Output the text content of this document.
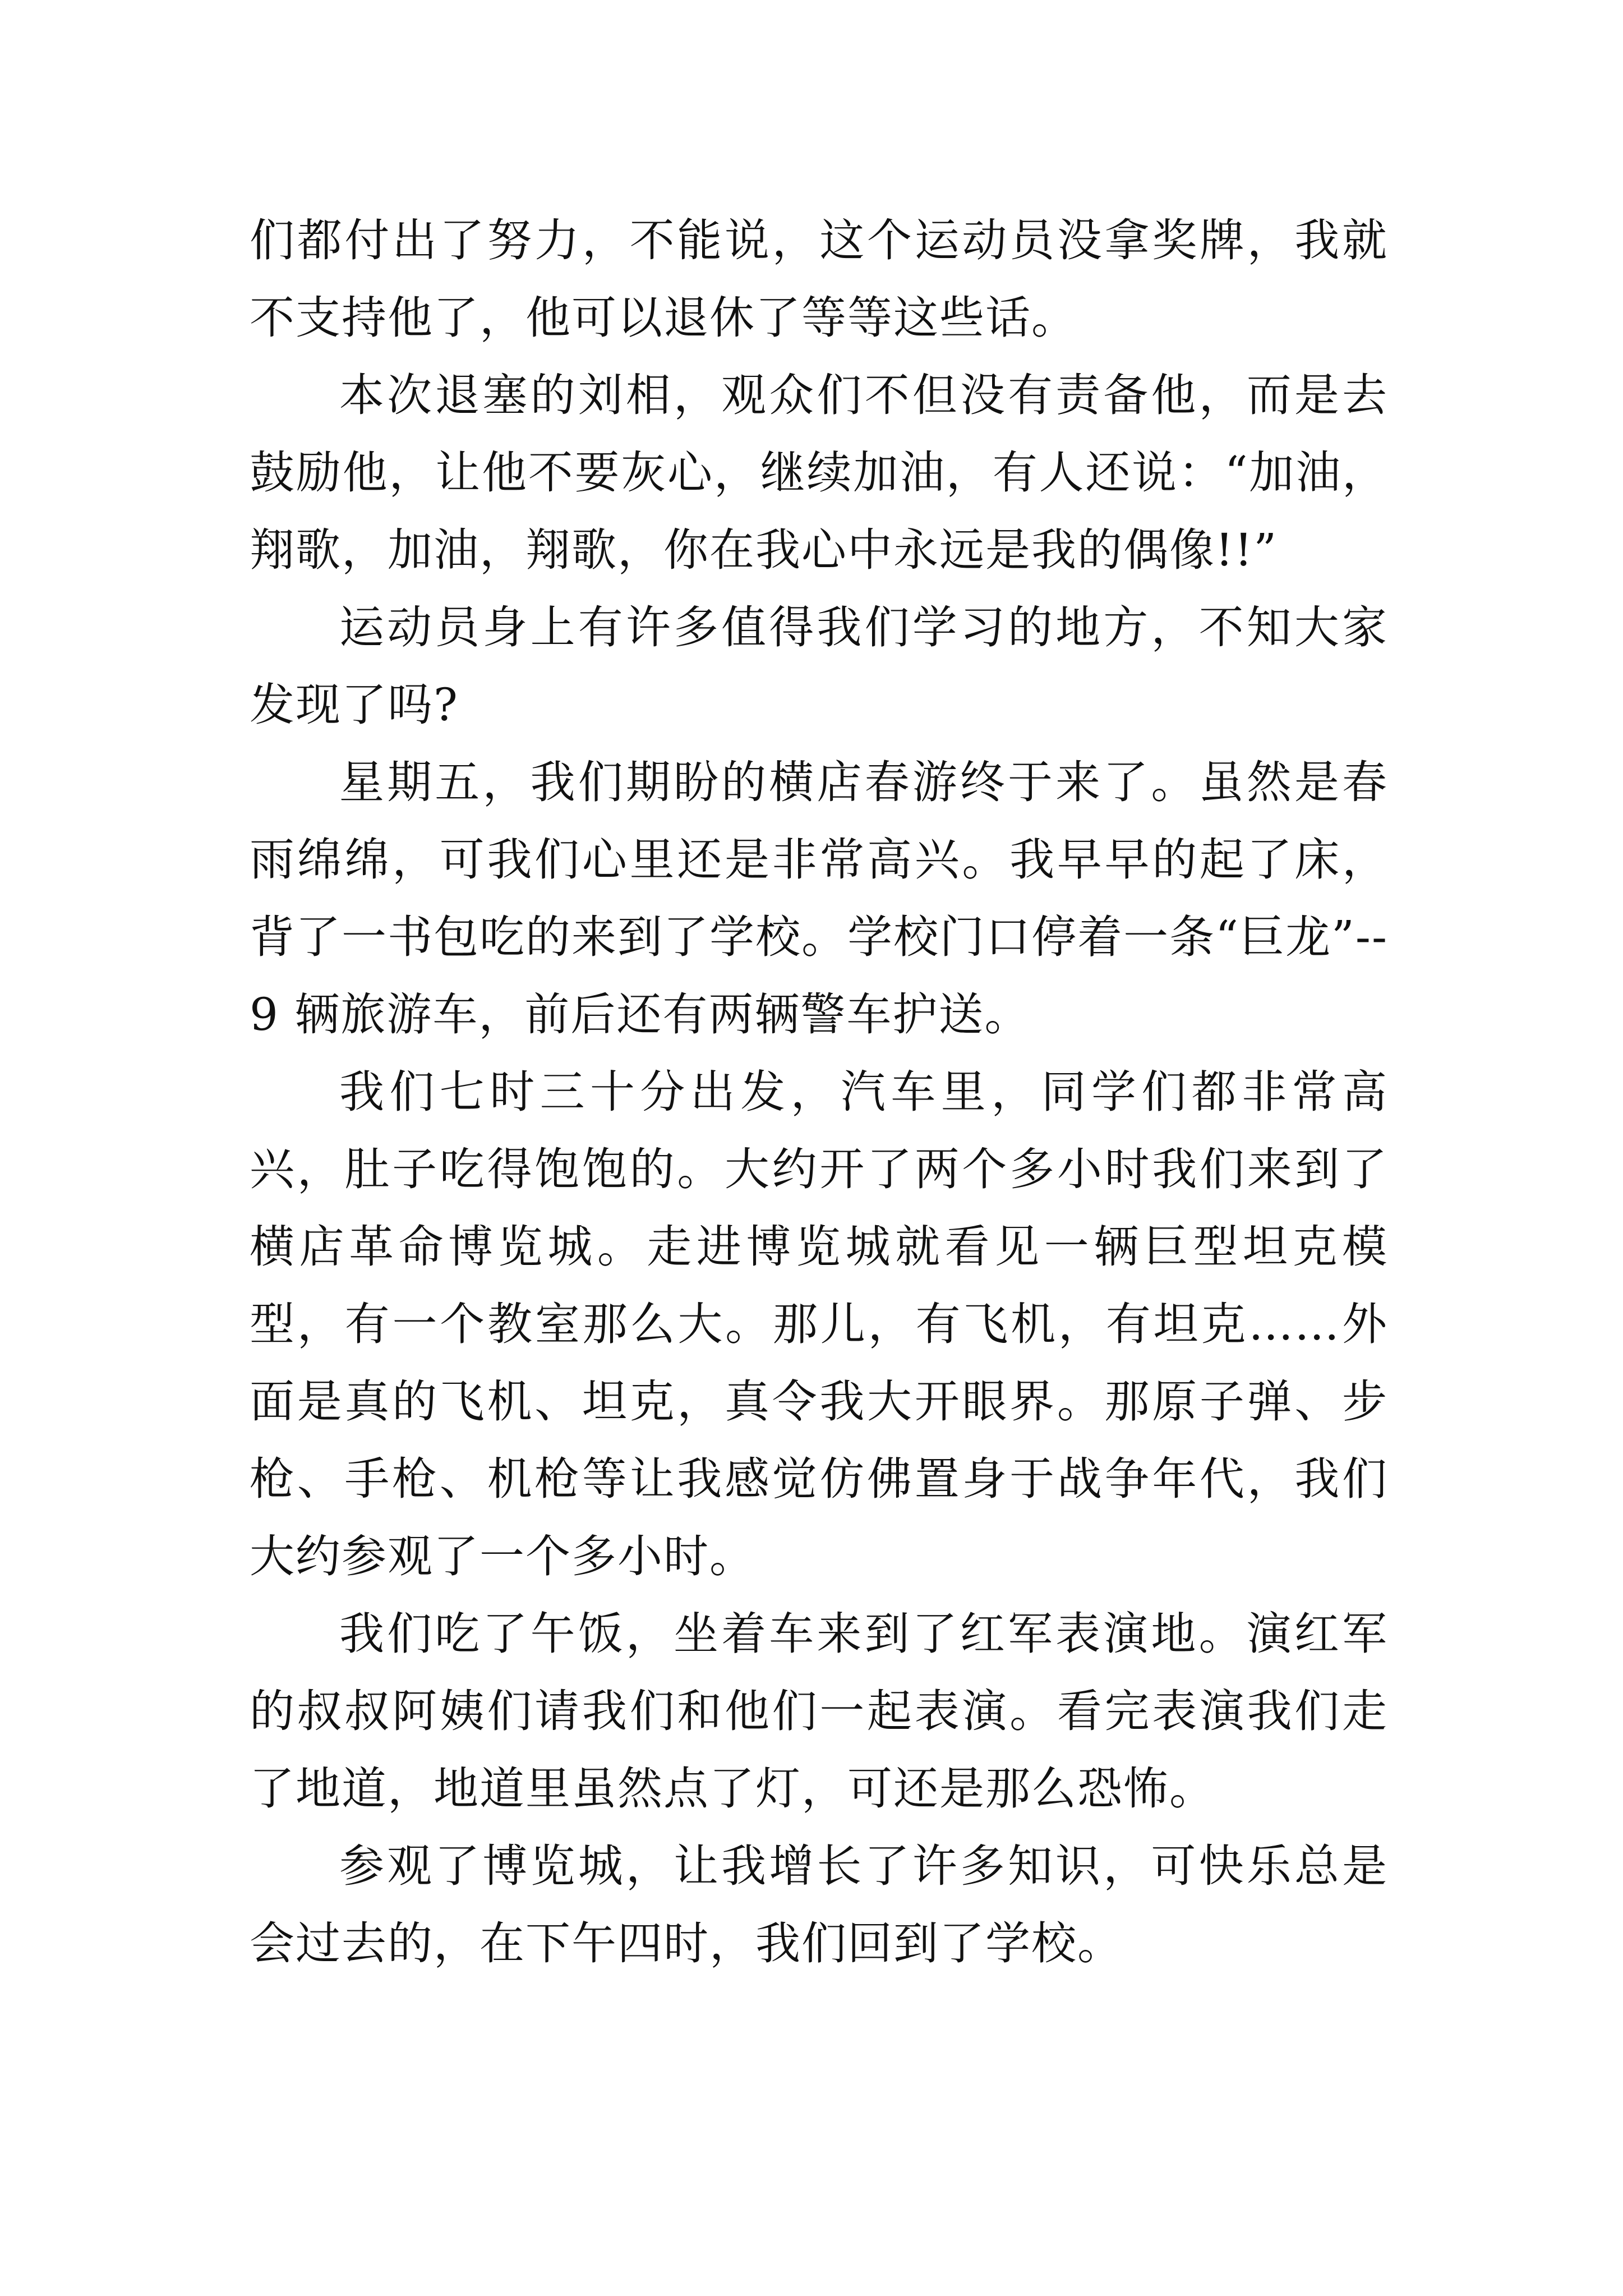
们都付出了努力，不能说，这个运动员没拿奖牌，我就不支持他了，他可以退休了等等这些话。

本次退塞的刘相，观众们不但没有责备他，而是去鼓励他，让他不要灰心，继续加油，有人还说：“加油，翔歌，加油，翔歌，你在我心中永远是我的偶像!!”

运动员身上有许多值得我们学习的地方，不知大家发现了吗?

星期五，我们期盼的横店春游终于来了。虽然是春雨绵绵，可我们心里还是非常高兴。我早早的起了床，背了一书包吃的来到了学校。学校门口停着一条“巨龙”--9 辆旅游车，前后还有两辆警车护送。

我们七时三十分出发，汽车里，同学们都非常高兴，肚子吃得饱饱的。大约开了两个多小时我们来到了横店革命博览城。走进博览城就看见一辆巨型坦克模型，有一个教室那么大。那儿，有飞机，有坦克……外面是真的飞机、坦克，真令我大开眼界。那原子弹、步枪、手枪、机枪等让我感觉仿佛置身于战争年代，我们大约参观了一个多小时。

我们吃了午饭，坐着车来到了红军表演地。演红军的叔叔阿姨们请我们和他们一起表演。看完表演我们走了地道，地道里虽然点了灯，可还是那么恐怖。

参观了博览城，让我增长了许多知识，可快乐总是会过去的，在下午四时，我们回到了学校。
